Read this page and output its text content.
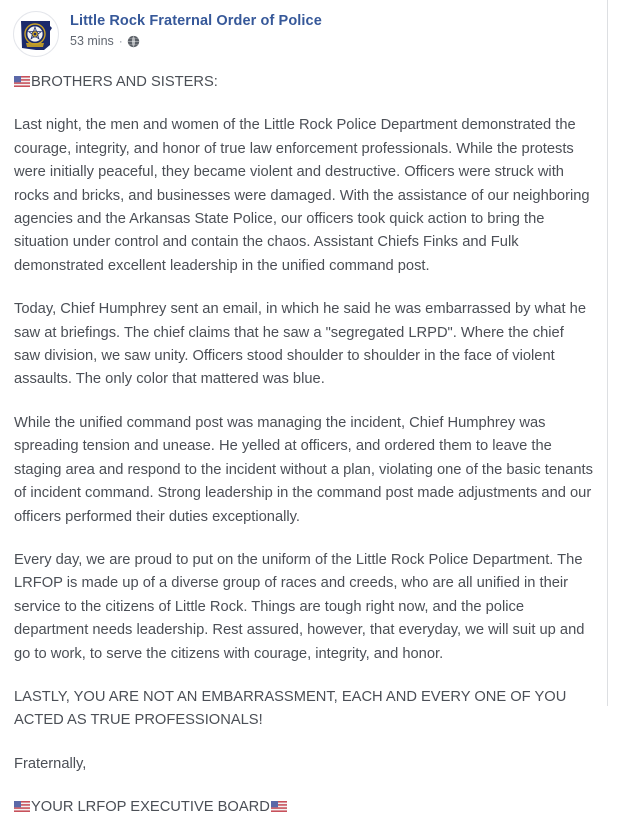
Little Rock Fraternal Order of Police
53 mins ·

BROTHERS AND SISTERS:

Last night, the men and women of the Little Rock Police Department demonstrated the courage, integrity, and honor of true law enforcement professionals. While the protests were initially peaceful, they became violent and destructive. Officers were struck with rocks and bricks, and businesses were damaged. With the assistance of our neighboring agencies and the Arkansas State Police, our officers took quick action to bring the situation under control and contain the chaos. Assistant Chiefs Finks and Fulk demonstrated excellent leadership in the unified command post.

Today, Chief Humphrey sent an email, in which he said he was embarrassed by what he saw at briefings. The chief claims that he saw a "segregated LRPD". Where the chief saw division, we saw unity. Officers stood shoulder to shoulder in the face of violent assaults. The only color that mattered was blue.

While the unified command post was managing the incident, Chief Humphrey was spreading tension and unease. He yelled at officers, and ordered them to leave the staging area and respond to the incident without a plan, violating one of the basic tenants of incident command. Strong leadership in the command post made adjustments and our officers performed their duties exceptionally.

Every day, we are proud to put on the uniform of the Little Rock Police Department. The LRFOP is made up of a diverse group of races and creeds, who are all unified in their service to the citizens of Little Rock. Things are tough right now, and the police department needs leadership. Rest assured, however, that everyday, we will suit up and go to work, to serve the citizens with courage, integrity, and honor.

LASTLY, YOU ARE NOT AN EMBARRASSMENT, EACH AND EVERY ONE OF YOU ACTED AS TRUE PROFESSIONALS!

Fraternally,

YOUR LRFOP EXECUTIVE BOARD
